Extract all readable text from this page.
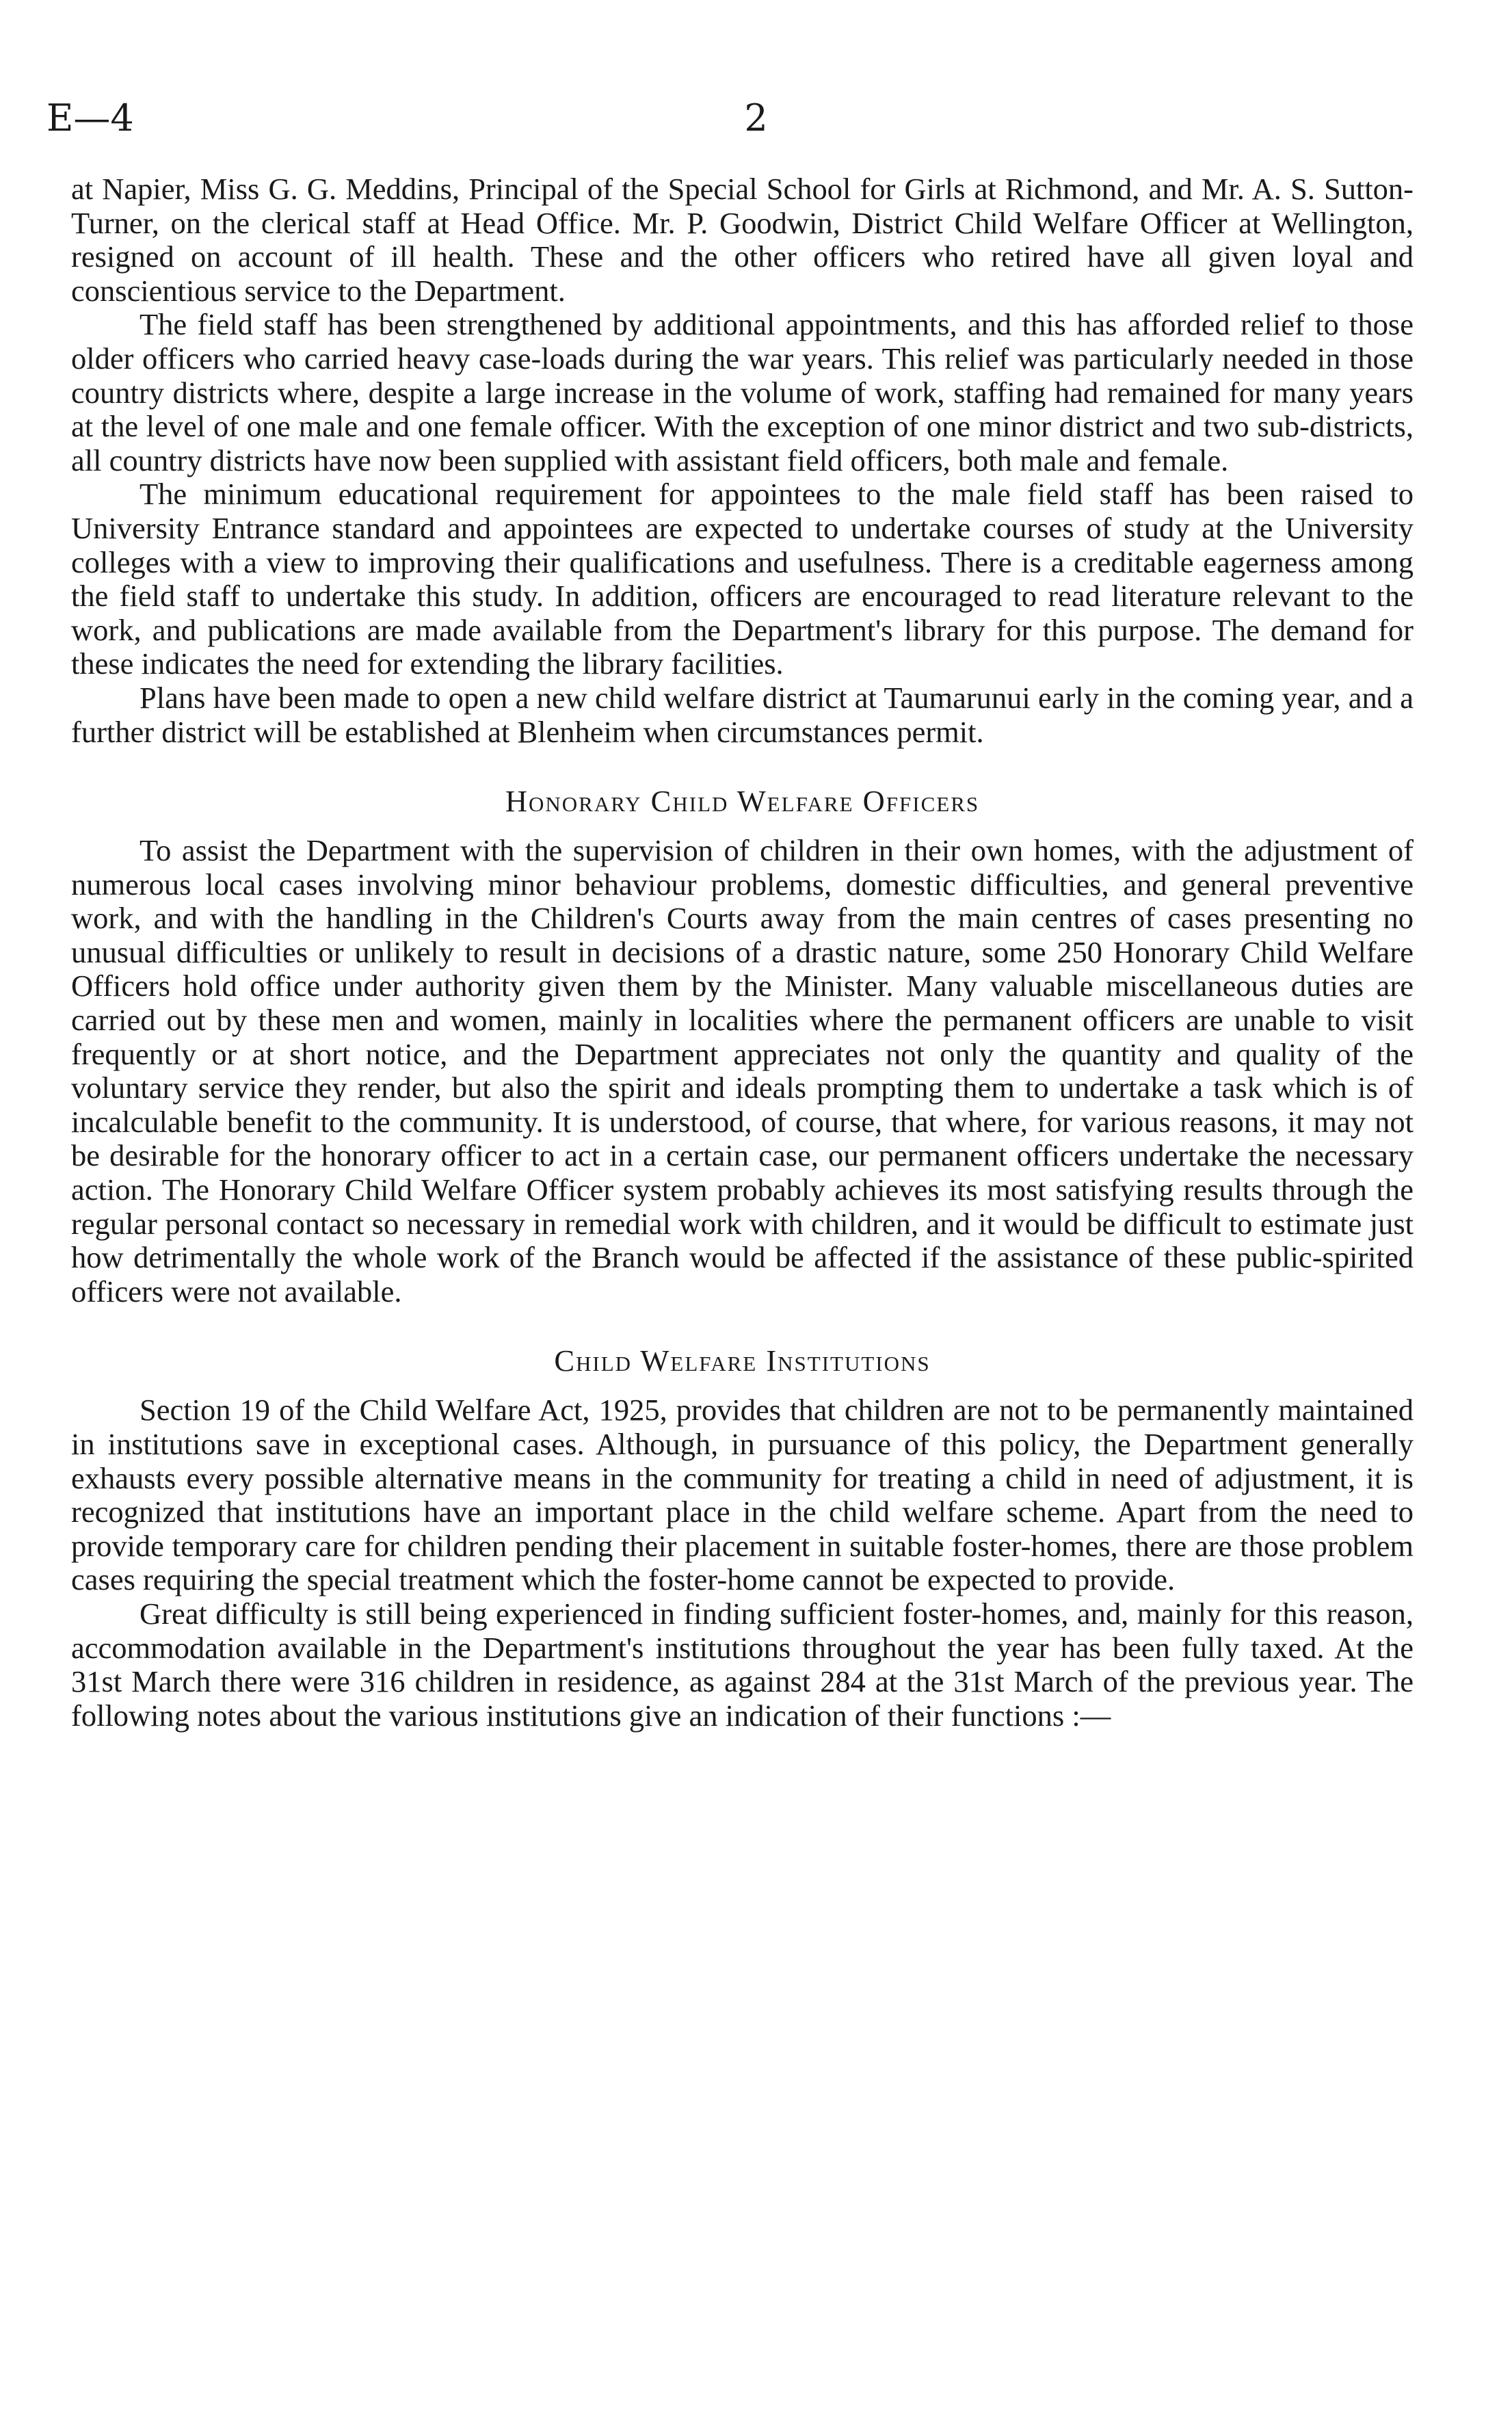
E—4	2

at Napier, Miss G. G. Meddins, Principal of the Special School for Girls at Richmond, and Mr. A. S. Sutton-Turner, on the clerical staff at Head Office. Mr. P. Goodwin, District Child Welfare Officer at Wellington, resigned on account of ill health. These and the other officers who retired have all given loyal and conscientious service to the Department.

The field staff has been strengthened by additional appointments, and this has afforded relief to those older officers who carried heavy case-loads during the war years. This relief was particularly needed in those country districts where, despite a large increase in the volume of work, staffing had remained for many years at the level of one male and one female officer. With the exception of one minor district and two sub-districts, all country districts have now been supplied with assistant field officers, both male and female.

The minimum educational requirement for appointees to the male field staff has been raised to University Entrance standard and appointees are expected to undertake courses of study at the University colleges with a view to improving their qualifications and usefulness. There is a creditable eagerness among the field staff to undertake this study. In addition, officers are encouraged to read literature relevant to the work, and publications are made available from the Department's library for this purpose. The demand for these indicates the need for extending the library facilities.

Plans have been made to open a new child welfare district at Taumarunui early in the coming year, and a further district will be established at Blenheim when circumstances permit.

Honorary Child Welfare Officers

To assist the Department with the supervision of children in their own homes, with the adjustment of numerous local cases involving minor behaviour problems, domestic difficulties, and general preventive work, and with the handling in the Children's Courts away from the main centres of cases presenting no unusual difficulties or unlikely to result in decisions of a drastic nature, some 250 Honorary Child Welfare Officers hold office under authority given them by the Minister. Many valuable miscellaneous duties are carried out by these men and women, mainly in localities where the permanent officers are unable to visit frequently or at short notice, and the Department appreciates not only the quantity and quality of the voluntary service they render, but also the spirit and ideals prompting them to undertake a task which is of incalculable benefit to the community. It is understood, of course, that where, for various reasons, it may not be desirable for the honorary officer to act in a certain case, our permanent officers undertake the necessary action. The Honorary Child Welfare Officer system probably achieves its most satisfying results through the regular personal contact so necessary in remedial work with children, and it would be difficult to estimate just how detrimentally the whole work of the Branch would be affected if the assistance of these public-spirited officers were not available.

Child Welfare Institutions

Section 19 of the Child Welfare Act, 1925, provides that children are not to be permanently maintained in institutions save in exceptional cases. Although, in pursuance of this policy, the Department generally exhausts every possible alternative means in the community for treating a child in need of adjustment, it is recognized that institutions have an important place in the child welfare scheme. Apart from the need to provide temporary care for children pending their placement in suitable foster-homes, there are those problem cases requiring the special treatment which the foster-home cannot be expected to provide.

Great difficulty is still being experienced in finding sufficient foster-homes, and, mainly for this reason, accommodation available in the Department's institutions throughout the year has been fully taxed. At the 31st March there were 316 children in residence, as against 284 at the 31st March of the previous year. The following notes about the various institutions give an indication of their functions :—
